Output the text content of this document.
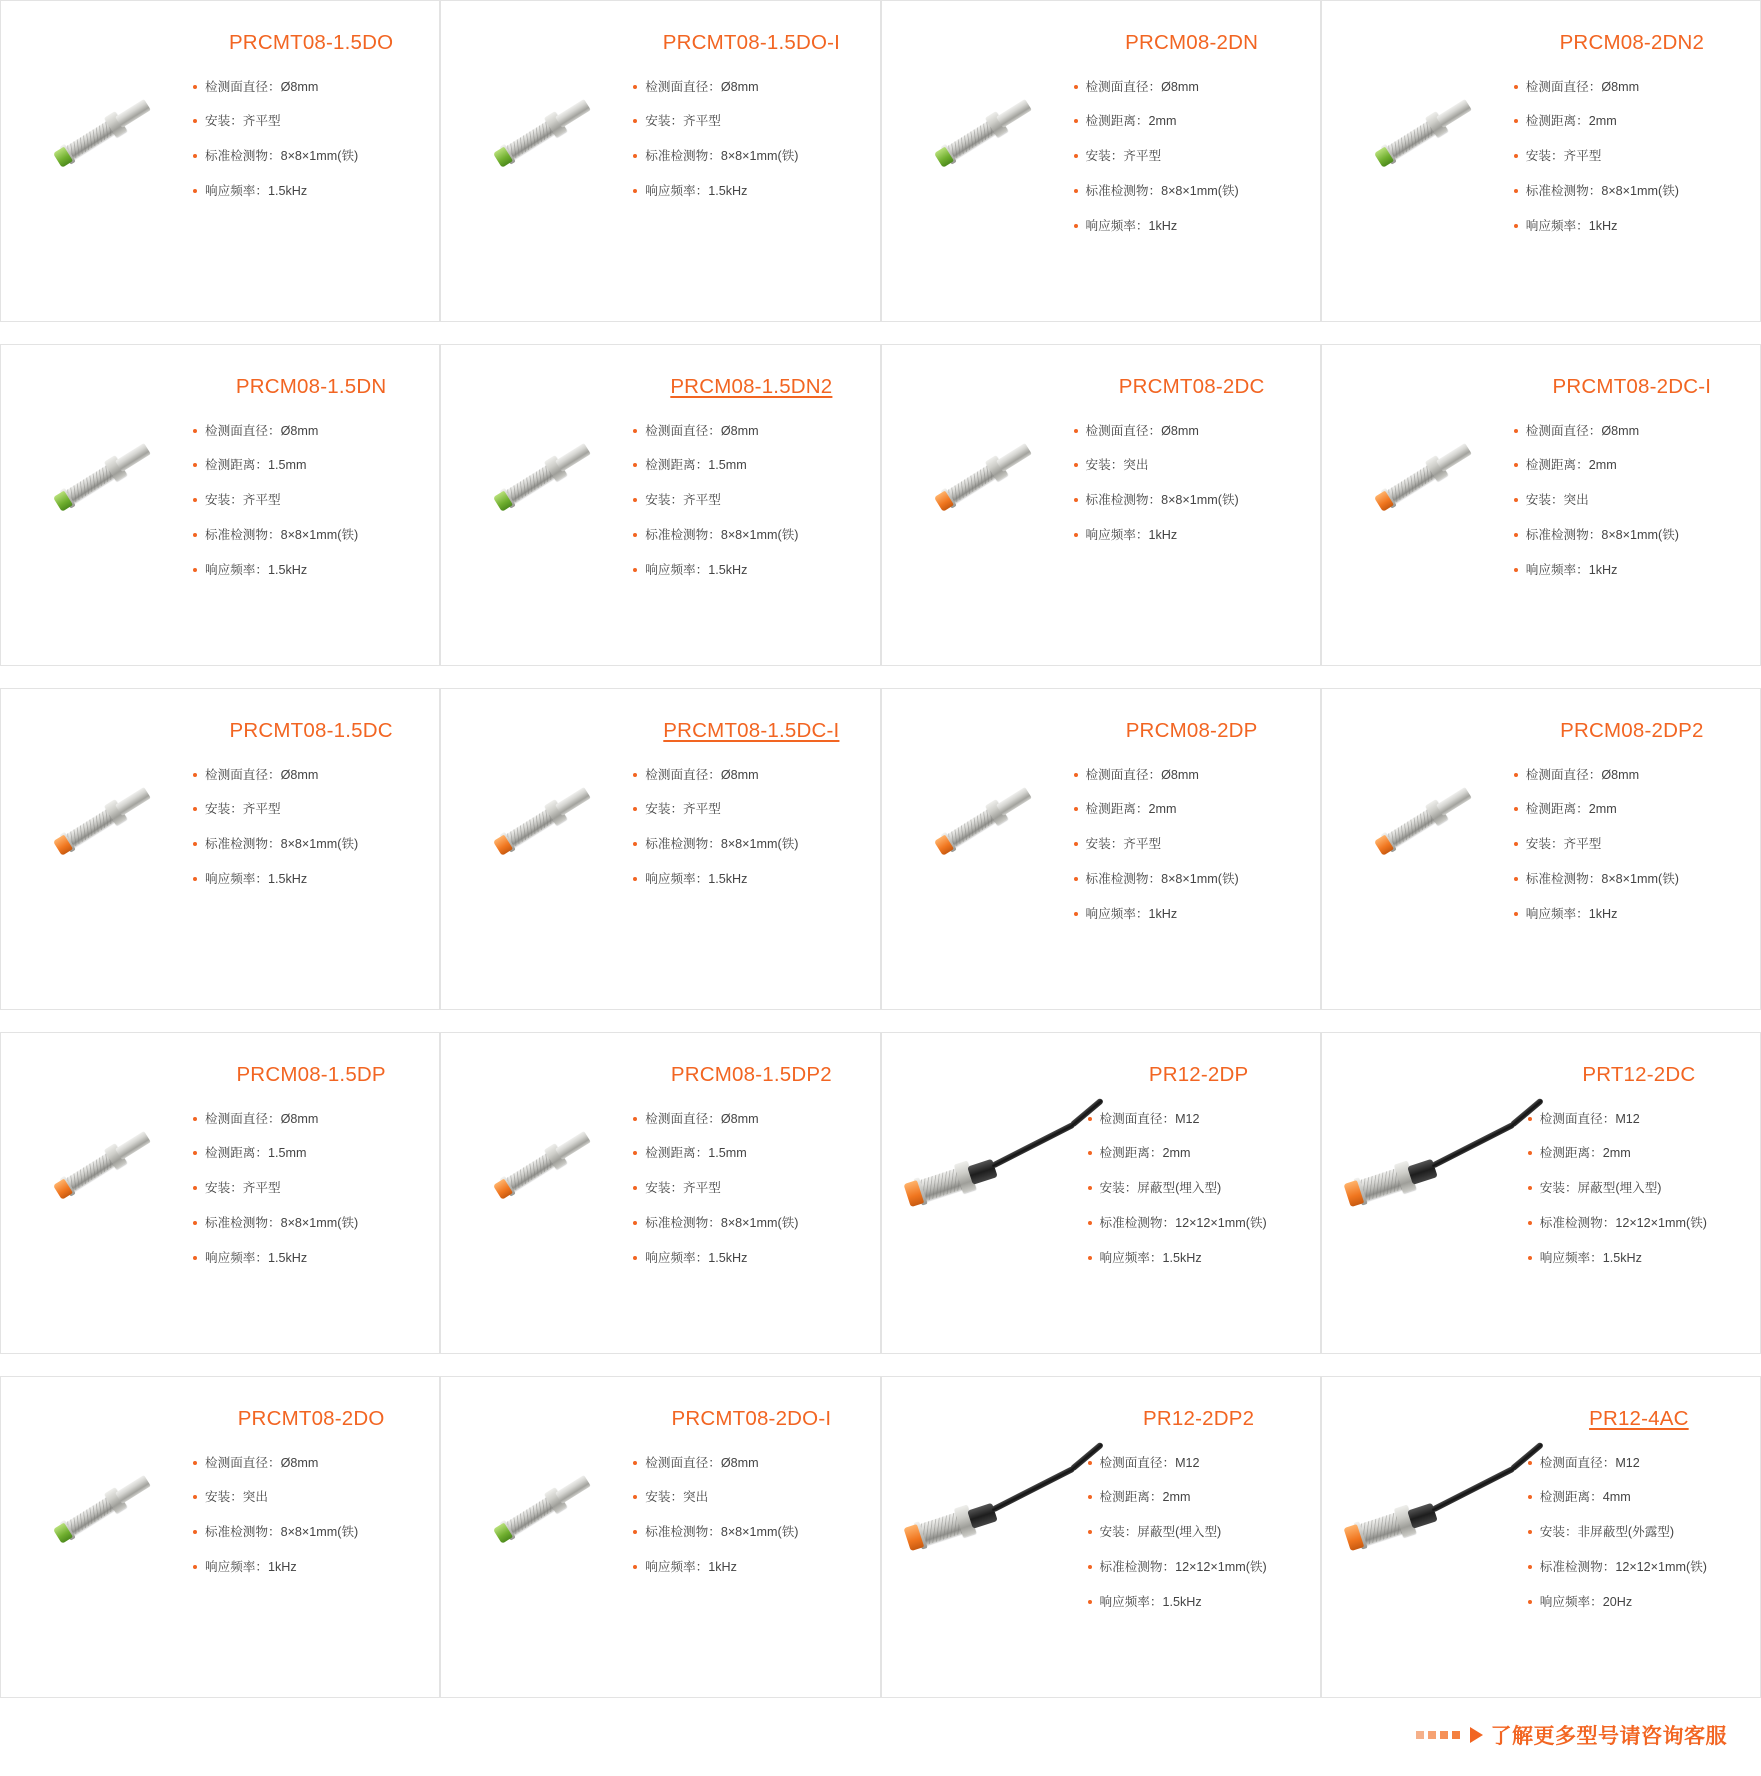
PRCMT08-1.5DO
检测面直径：Ø8mm
安装：齐平型
标准检测物：8×8×1mm(铁)
响应频率：1.5kHz
PRCMT08-1.5DO-I
检测面直径：Ø8mm
安装：齐平型
标准检测物：8×8×1mm(铁)
响应频率：1.5kHz
PRCM08-2DN
检测面直径：Ø8mm
检测距离：2mm
安装：齐平型
标准检测物：8×8×1mm(铁)
响应频率：1kHz
PRCM08-2DN2
检测面直径：Ø8mm
检测距离：2mm
安装：齐平型
标准检测物：8×8×1mm(铁)
响应频率：1kHz
PRCM08-1.5DN
检测面直径：Ø8mm
检测距离：1.5mm
安装：齐平型
标准检测物：8×8×1mm(铁)
响应频率：1.5kHz
PRCM08-1.5DN2
检测面直径：Ø8mm
检测距离：1.5mm
安装：齐平型
标准检测物：8×8×1mm(铁)
响应频率：1.5kHz
PRCMT08-2DC
检测面直径：Ø8mm
安装：突出
标准检测物：8×8×1mm(铁)
响应频率：1kHz
PRCMT08-2DC-I
检测面直径：Ø8mm
检测距离：2mm
安装：突出
标准检测物：8×8×1mm(铁)
响应频率：1kHz
PRCMT08-1.5DC
检测面直径：Ø8mm
安装：齐平型
标准检测物：8×8×1mm(铁)
响应频率：1.5kHz
PRCMT08-1.5DC-I
检测面直径：Ø8mm
安装：齐平型
标准检测物：8×8×1mm(铁)
响应频率：1.5kHz
PRCM08-2DP
检测面直径：Ø8mm
检测距离：2mm
安装：齐平型
标准检测物：8×8×1mm(铁)
响应频率：1kHz
PRCM08-2DP2
检测面直径：Ø8mm
检测距离：2mm
安装：齐平型
标准检测物：8×8×1mm(铁)
响应频率：1kHz
PRCM08-1.5DP
检测面直径：Ø8mm
检测距离：1.5mm
安装：齐平型
标准检测物：8×8×1mm(铁)
响应频率：1.5kHz
PRCM08-1.5DP2
检测面直径：Ø8mm
检测距离：1.5mm
安装：齐平型
标准检测物：8×8×1mm(铁)
响应频率：1.5kHz
PR12-2DP
检测面直径：M12
检测距离：2mm
安装：屏蔽型(埋入型)
标准检测物：12×12×1mm(铁)
响应频率：1.5kHz
PRT12-2DC
检测面直径：M12
检测距离：2mm
安装：屏蔽型(埋入型)
标准检测物：12×12×1mm(铁)
响应频率：1.5kHz
PRCMT08-2DO
检测面直径：Ø8mm
安装：突出
标准检测物：8×8×1mm(铁)
响应频率：1kHz
PRCMT08-2DO-I
检测面直径：Ø8mm
安装：突出
标准检测物：8×8×1mm(铁)
响应频率：1kHz
PR12-2DP2
检测面直径：M12
检测距离：2mm
安装：屏蔽型(埋入型)
标准检测物：12×12×1mm(铁)
响应频率：1.5kHz
PR12-4AC
检测面直径：M12
检测距离：4mm
安装：非屏蔽型(外露型)
标准检测物：12×12×1mm(铁)
响应频率：20Hz
了解更多型号请咨询客服
